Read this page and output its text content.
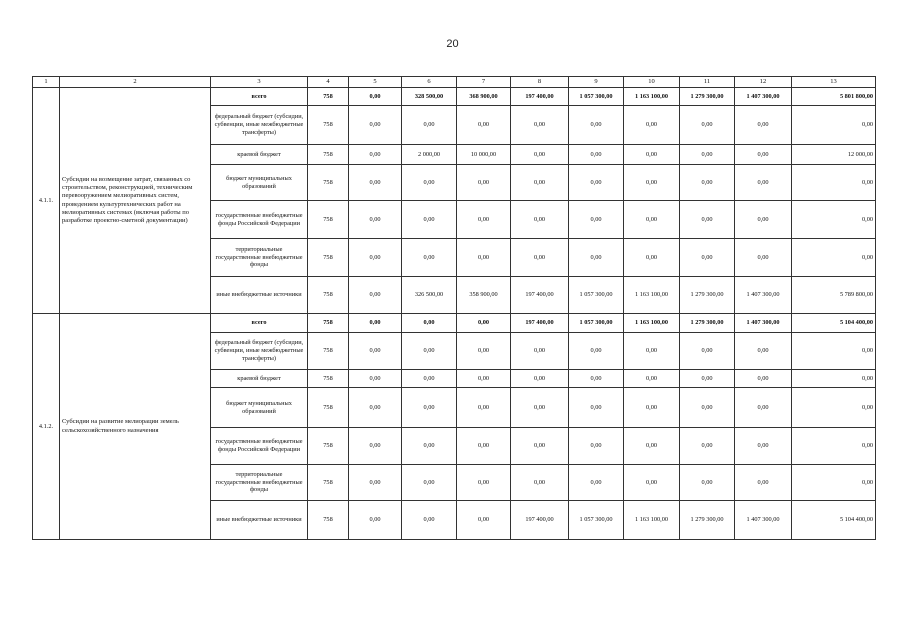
20
1	2	3	4	5	6	7	8	9	10	11	12	13
4.1.1.	Субсидии на возмещение затрат, связанных со строительством, реконструкцией, техническим перевооружением мелиоративных систем, проведением культуртехнических работ на мелиоративных системах (включая работы по разработке проектно-сметной документации)	всего	758	0,00	328 500,00	368 900,00	197 400,00	1 057 300,00	1 163 100,00	1 279 300,00	1 407 300,00	5 801 800,00
		федеральный бюджет (субсидии, субвенции, иные межбюджетные трансферты)	758	0,00	0,00	0,00	0,00	0,00	0,00	0,00	0,00	0,00
		краевой бюджет	758	0,00	2 000,00	10 000,00	0,00	0,00	0,00	0,00	0,00	12 000,00
		бюджет муниципальных образований	758	0,00	0,00	0,00	0,00	0,00	0,00	0,00	0,00	0,00
		государственные внебюджетные фонды Российской Федерации	758	0,00	0,00	0,00	0,00	0,00	0,00	0,00	0,00	0,00
		территориальные государственные внебюджетные фонды	758	0,00	0,00	0,00	0,00	0,00	0,00	0,00	0,00	0,00
		иные внебюджетные источники	758	0,00	326 500,00	358 900,00	197 400,00	1 057 300,00	1 163 100,00	1 279 300,00	1 407 300,00	5 789 800,00
4.1.2.	Субсидии на развитие мелиорации земель сельскохозяйственного назначения	всего	758	0,00	0,00	0,00	197 400,00	1 057 300,00	1 163 100,00	1 279 300,00	1 407 300,00	5 104 400,00
		федеральный бюджет (субсидии, субвенции, иные межбюджетные трансферты)	758	0,00	0,00	0,00	0,00	0,00	0,00	0,00	0,00	0,00
		краевой бюджет	758	0,00	0,00	0,00	0,00	0,00	0,00	0,00	0,00	0,00
		бюджет муниципальных образований	758	0,00	0,00	0,00	0,00	0,00	0,00	0,00	0,00	0,00
		государственные внебюджетные фонды Российской Федерации	758	0,00	0,00	0,00	0,00	0,00	0,00	0,00	0,00	0,00
		территориальные государственные внебюджетные фонды	758	0,00	0,00	0,00	0,00	0,00	0,00	0,00	0,00	0,00
		иные внебюджетные источники	758	0,00	0,00	0,00	197 400,00	1 057 300,00	1 163 100,00	1 279 300,00	1 407 300,00	5 104 400,00
